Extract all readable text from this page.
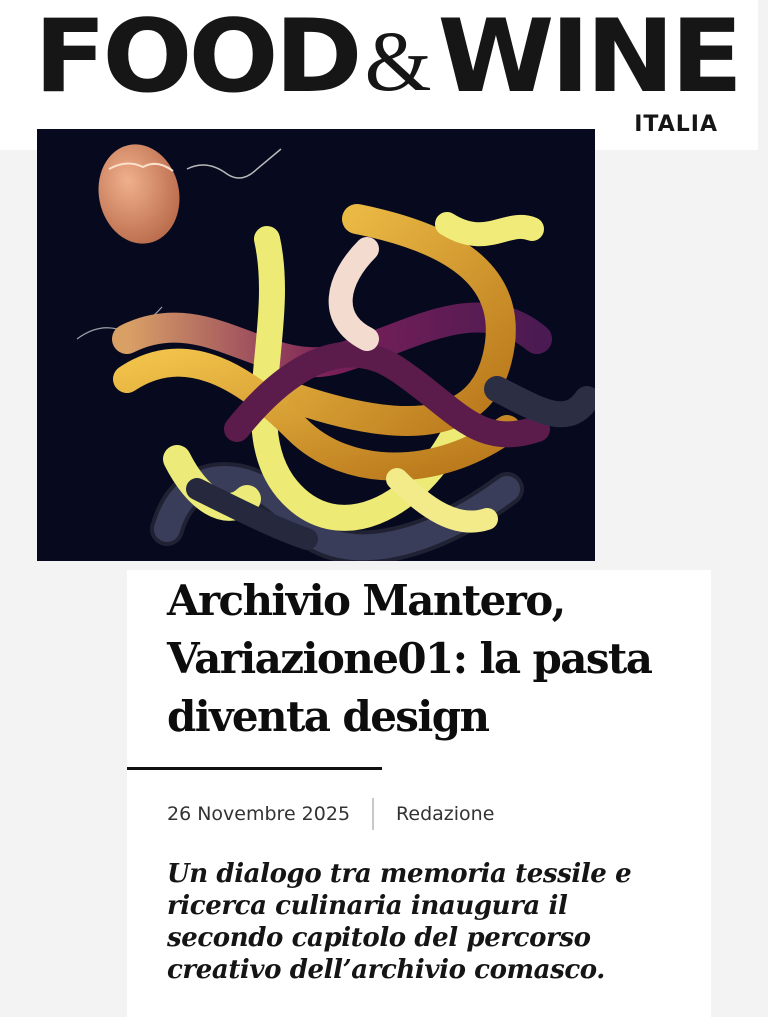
FOOD & WINE
ITALIA
Archivio Mantero, Variazione01: la pasta diventa design
26 Novembre 2025 Redazione

Un dialogo tra memoria tessile e ricerca culinaria inaugura il secondo capitolo del percorso creativo dell’archivio comasco.
